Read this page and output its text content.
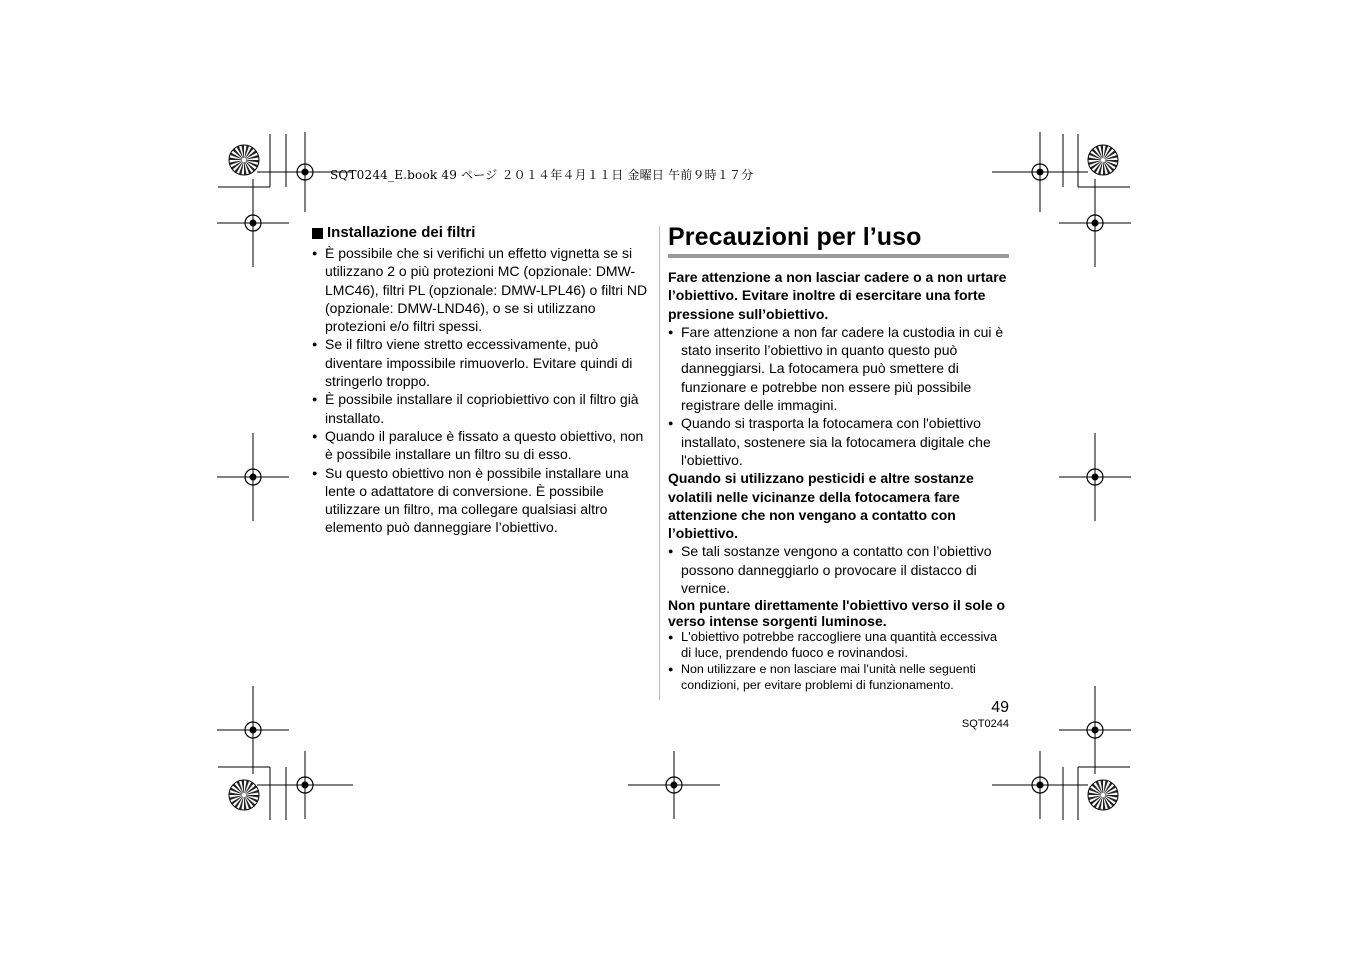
SQT0244_E.book 49 ページ ２０１４年４月１１日 金曜日 午前９時１７分
Installazione dei filtri
● È possibile che si verifichi un effetto vignetta se si utilizzano 2 o più protezioni MC (opzionale: DMW-LMC46), filtri PL (opzionale: DMW-LPL46) o filtri ND (opzionale: DMW-LND46), o se si utilizzano protezioni e/o filtri spessi.
● Se il filtro viene stretto eccessivamente, può diventare impossibile rimuoverlo. Evitare quindi di stringerlo troppo.
● È possibile installare il copriobiettivo con il filtro già installato.
● Quando il paraluce è fissato a questo obiettivo, non è possibile installare un filtro su di esso.
● Su questo obiettivo non è possibile installare una lente o adattatore di conversione. È possibile utilizzare un filtro, ma collegare qualsiasi altro elemento può danneggiare l’obiettivo.
Precauzioni per l’uso

Fare attenzione a non lasciar cadere o a non urtare l’obiettivo. Evitare inoltre di esercitare una forte pressione sull’obiettivo.

● Fare attenzione a non far cadere la custodia in cui è stato inserito l’obiettivo in quanto questo può danneggiarsi. La fotocamera può smettere di funzionare e potrebbe non essere più possibile registrare delle immagini.
● Quando si trasporta la fotocamera con l'obiettivo installato, sostenere sia la fotocamera digitale che l'obiettivo.

Quando si utilizzano pesticidi e altre sostanze volatili nelle vicinanze della fotocamera fare attenzione che non vengano a contatto con l’obiettivo.

● Se tali sostanze vengono a contatto con l’obiettivo possono danneggiarlo o provocare il distacco di vernice.

Non puntare direttamente l'obiettivo verso il sole o verso intense sorgenti luminose.

● L'obiettivo potrebbe raccogliere una quantità eccessiva di luce, prendendo fuoco e rovinandosi.
● Non utilizzare e non lasciare mai l’unità nelle seguenti condizioni, per evitare problemi di funzionamento.
49
SQT0244
